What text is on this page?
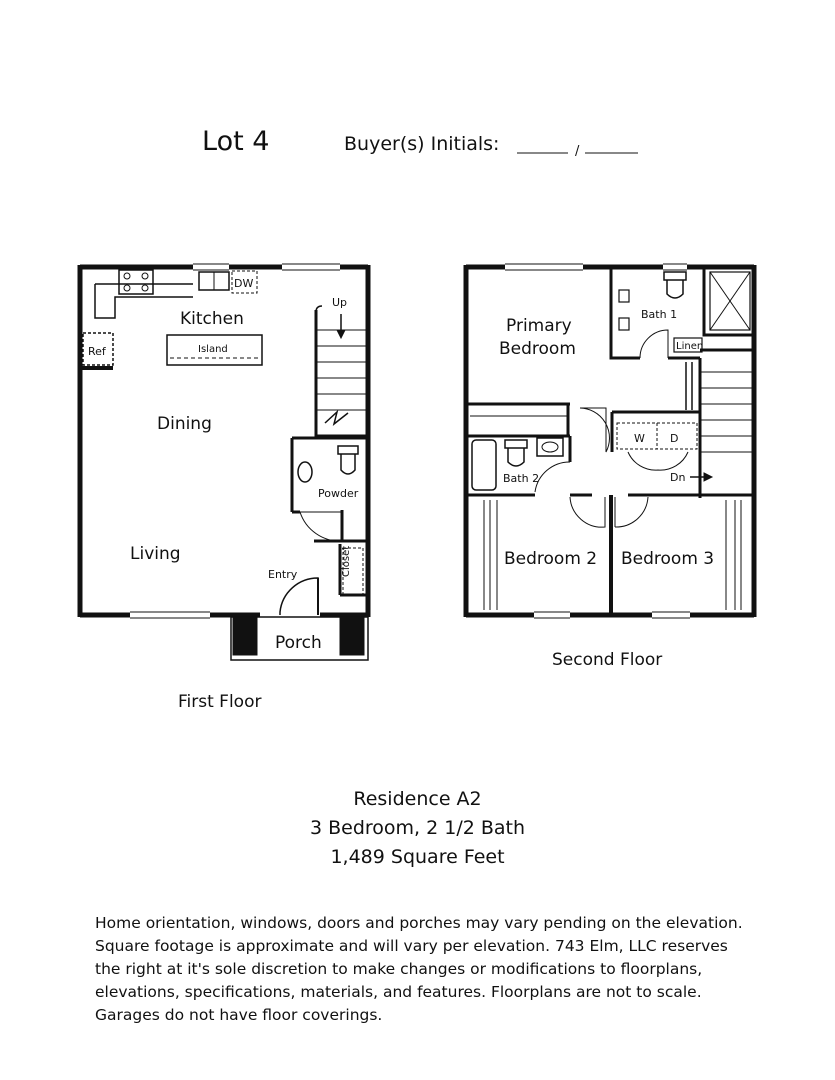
Lot 4	Buyer(s) Initials:	/
Kitchen
Island
Dining
Living
Powder
Entry	Closet
Porch
Ref
DW
Up
Primary
Bedroom
Bath 1
Linen
W D
Dn
Bath 2
Bedroom 2 Bedroom 3
First Floor
Second Floor
Residence A2
3 Bedroom, 2 1/2 Bath
1,489 Square Feet
Home orientation, windows, doors and porches may vary pending on the elevation. Square footage is approximate and will vary per elevation. 743 Elm, LLC reserves the right at it's sole discretion to make changes or modifications to floorplans, elevations, specifications, materials, and features. Floorplans are not to scale. Garages do not have floor coverings.
